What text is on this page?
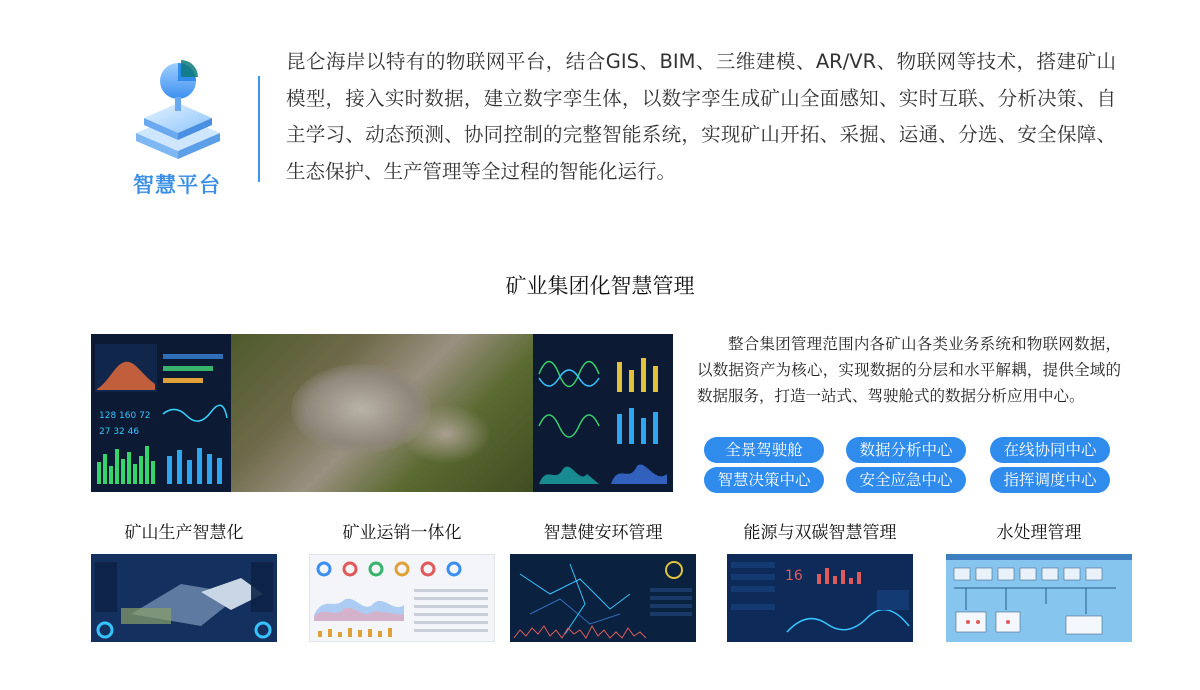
智慧平台
昆仑海岸以特有的物联网平台，结合GIS、BIM、三维建模、AR/VR、物联网等技术，搭建矿山模型，接入实时数据，建立数字孪生体，以数字孪生成矿山全面感知、实时互联、分析决策、自主学习、动态预测、协同控制的完整智能系统，实现矿山开拓、采掘、运通、分选、安全保障、生态保护、生产管理等全过程的智能化运行。
矿业集团化智慧管理
128 160 72
27 32 46
整合集团管理范围内各矿山各类业务系统和物联网数据，以数据资产为核心，实现数据的分层和水平解耦，提供全域的数据服务，打造一站式、驾驶舱式的数据分析应用中心。
全景驾驶舱	数据分析中心	在线协同中心
智慧决策中心	安全应急中心	指挥调度中心
矿山生产智慧化	矿业运销一体化	智慧健安环管理	能源与双碳智慧管理
16
水处理管理
